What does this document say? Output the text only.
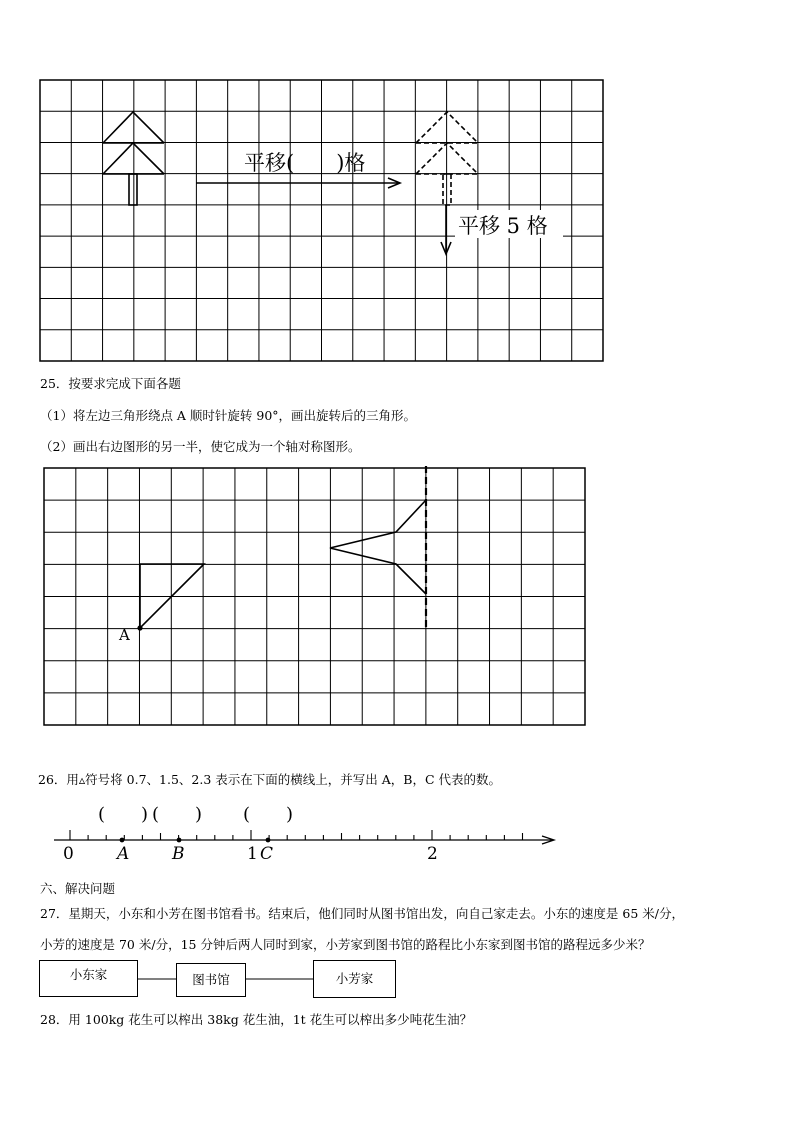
平移(  )格
平移 5 格
25．按要求完成下面各题
（1）将左边三角形绕点 A 顺时针旋转 90°，画出旋转后的三角形。
（2）画出右边图形的另一半，使它成为一个轴对称图形。
A
26．用▵符号将 0.7、1.5、2.3 表示在下面的横线上，并写出 A，B，C 代表的数。
(  ) (  ) (  )
0	A	B	1 C	2
六、解决问题
27．星期天，小东和小芳在图书馆看书。结束后，他们同时从图书馆出发，向自己家走去。小东的速度是 65 米/分，
小芳的速度是 70 米/分，15 分钟后两人同时到家，小芳家到图书馆的路程比小东家到图书馆的路程远多少米？
小东家	图书馆	小芳家
28．用 100kg 花生可以榨出 38kg 花生油，1t 花生可以榨出多少吨花生油？
